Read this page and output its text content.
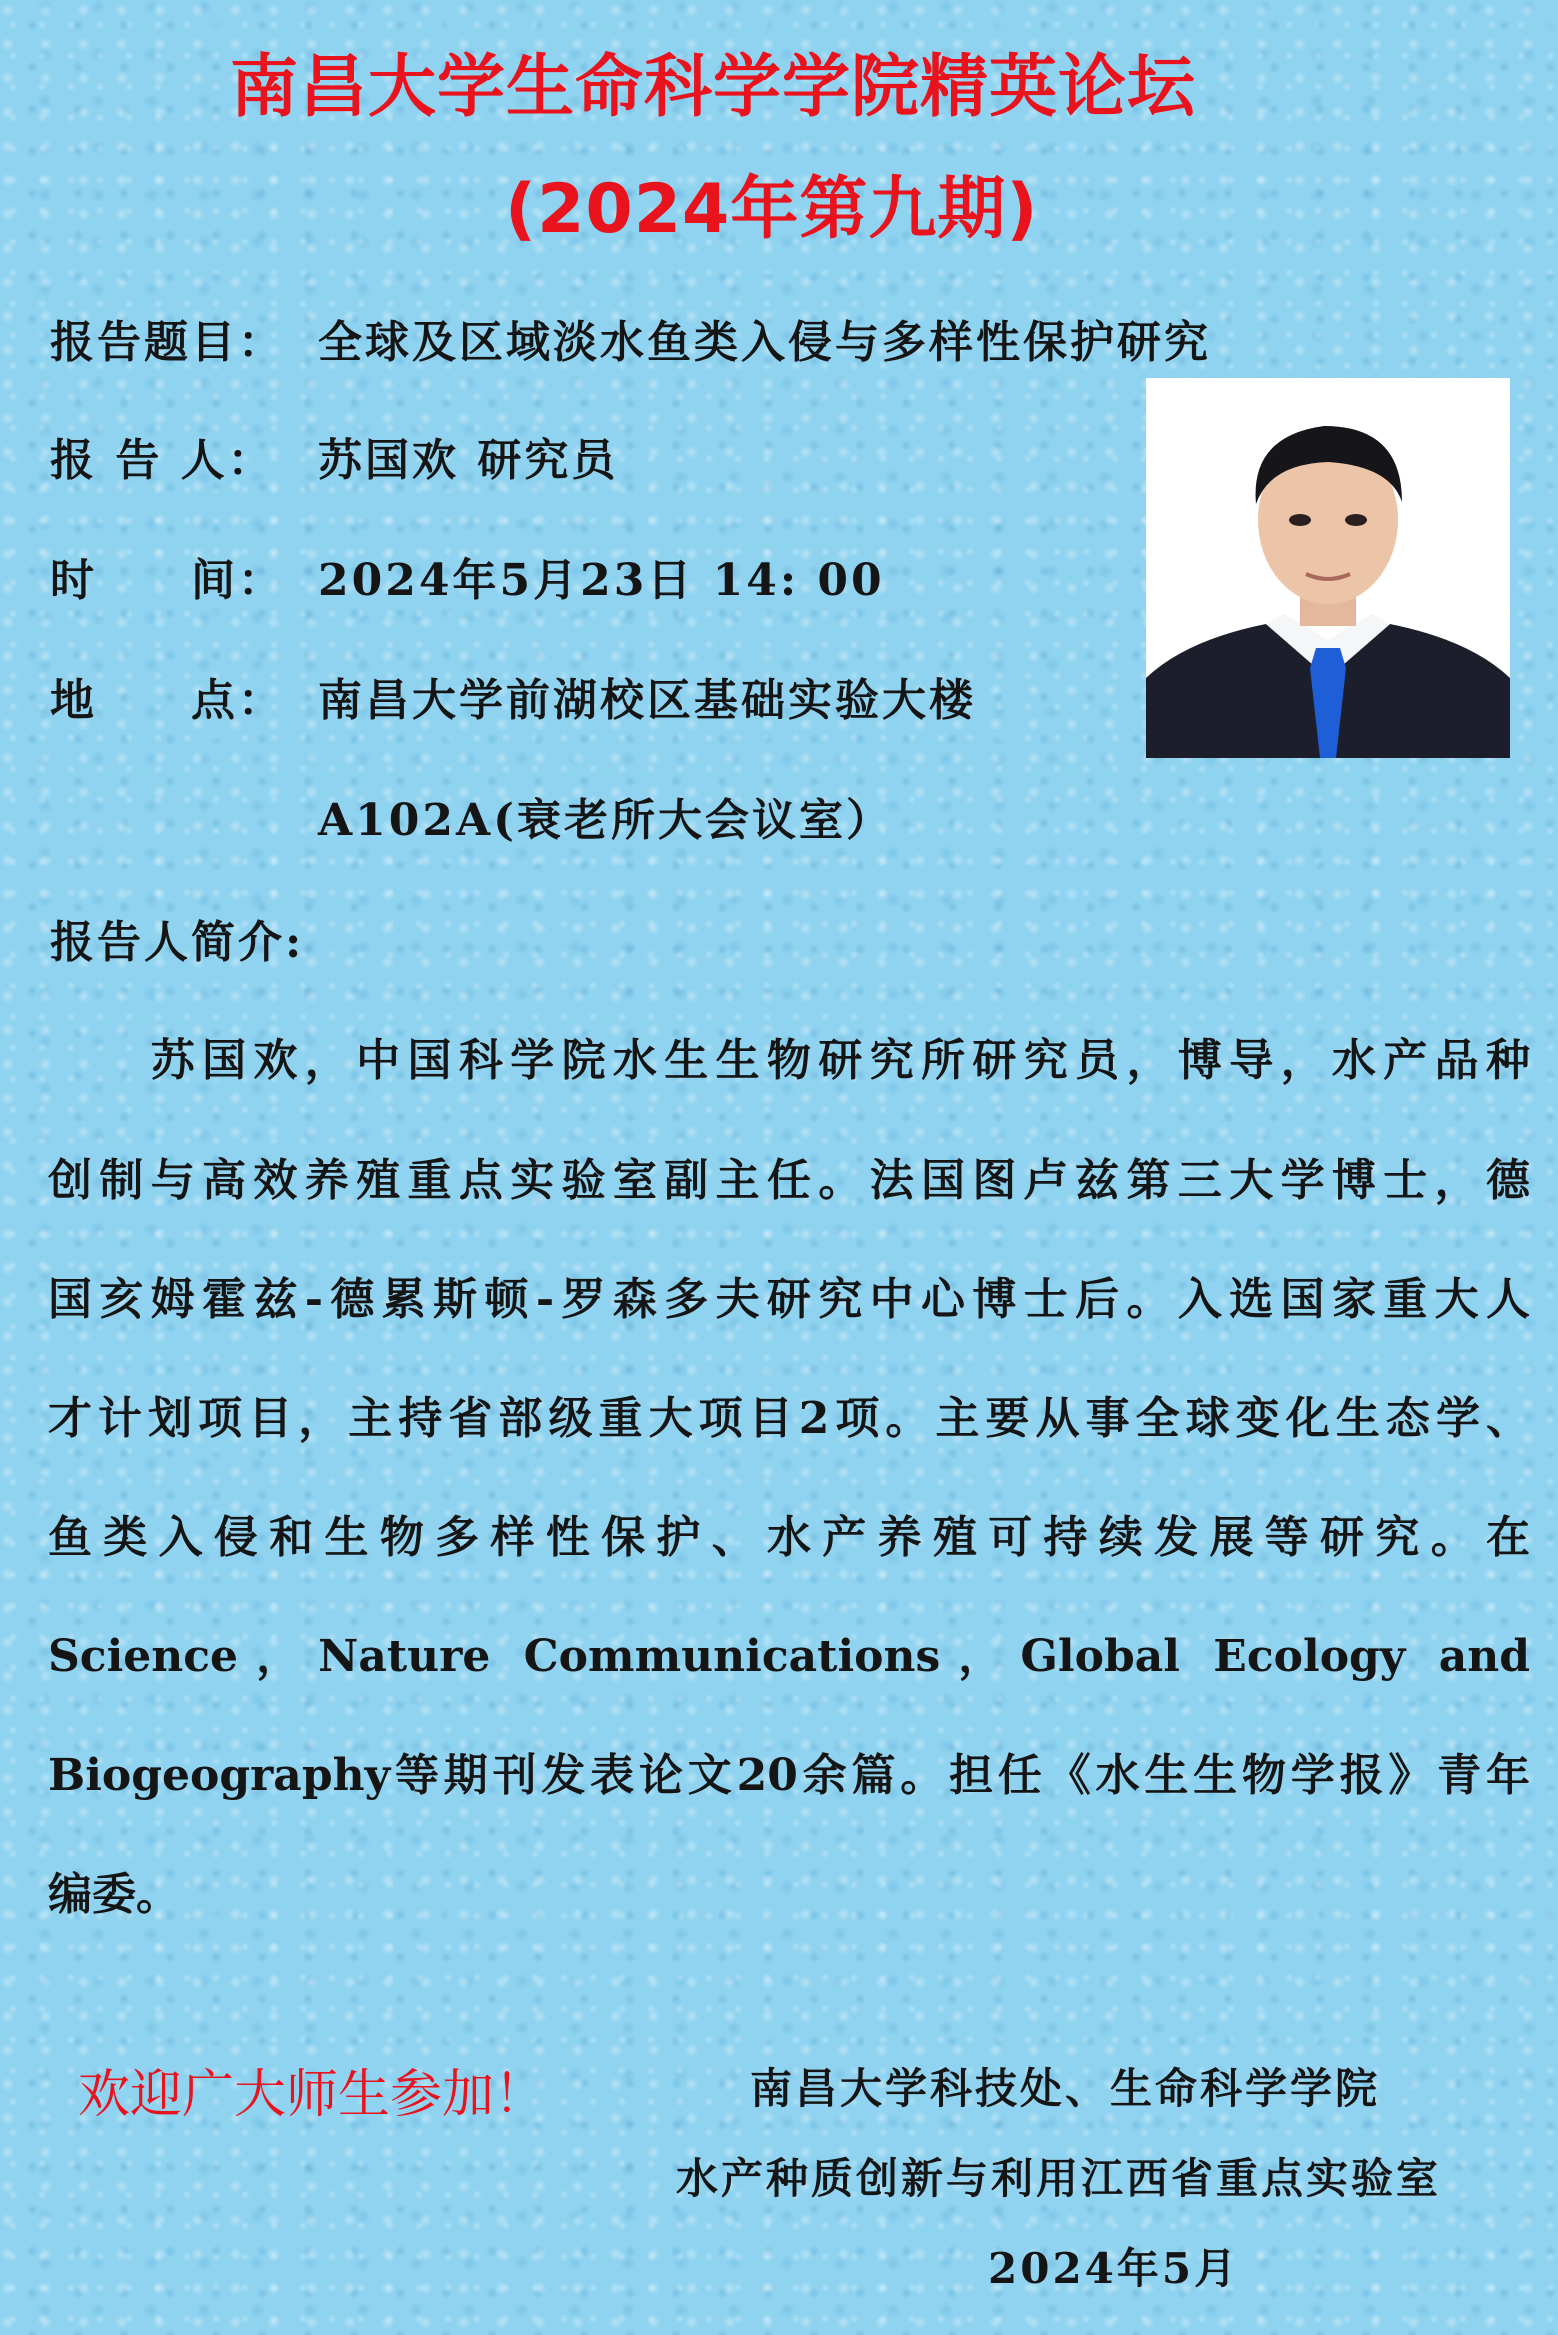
南昌大学生命科学学院精英论坛
(2024年第九期)
报告题目： 全球及区域淡水鱼类入侵与多样性保护研究
报 告 人： 苏国欢 研究员
时　　间： 2024年5月23日 14: 00
地　　点： 南昌大学前湖校区基础实验大楼
A102A(衰老所大会议室）
报告人简介:
　　苏国欢，中国科学院水生生物研究所研究员，博导，水产品种
创制与高效养殖重点实验室副主任。法国图卢兹第三大学博士，德
国亥姆霍兹-德累斯顿-罗森多夫研究中心博士后。入选国家重大人
才计划项目，主持省部级重大项目2项。主要从事全球变化生态学、
鱼类入侵和生物多样性保护、水产养殖可持续发展等研究。在
Science，Nature Communications，Global Ecology and
Biogeography等期刊发表论文20余篇。担任《水生生物学报》青年
编委。
欢迎广大师生参加！	南昌大学科技处、生命科学学院
水产种质创新与利用江西省重点实验室
2024年5月
